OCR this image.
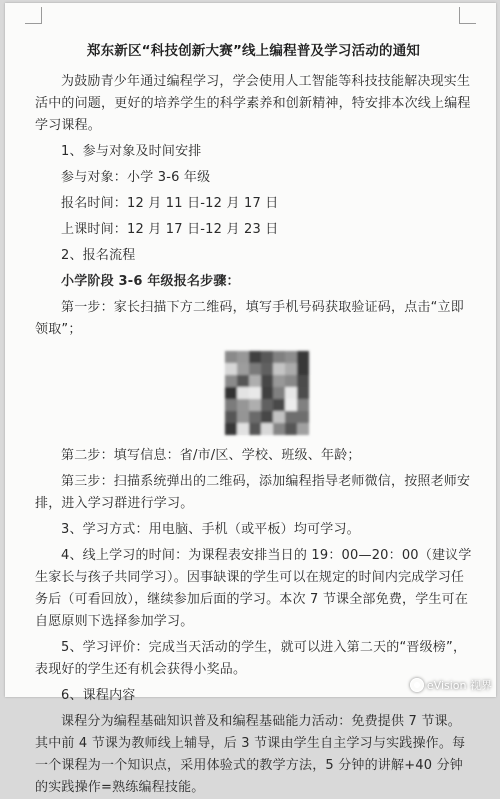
郑东新区“科技创新大赛”线上编程普及学习活动的通知

为鼓励青少年通过编程学习，学会使用人工智能等科技技能解决现实生活中的问题，更好的培养学生的科学素养和创新精神，特安排本次线上编程学习课程。

1、参与对象及时间安排

参与对象：小学 3-6 年级

报名时间：12 月 11 日-12 月 17 日

上课时间：12 月 17 日-12 月 23 日

2、报名流程

小学阶段 3-6 年级报名步骤：

第一步：家长扫描下方二维码，填写手机号码获取验证码，点击“立即领取”；

第二步：填写信息：省/市/区、学校、班级、年龄；

第三步：扫描系统弹出的二维码，添加编程指导老师微信，按照老师安排，进入学习群进行学习。

3、学习方式：用电脑、手机（或平板）均可学习。

4、线上学习的时间：为课程表安排当日的 19：00—20：00（建议学生家长与孩子共同学习）。因事缺课的学生可以在规定的时间内完成学习任务后（可看回放），继续参加后面的学习。本次 7 节课全部免费，学生可在自愿原则下选择参加学习。

5、学习评价：完成当天活动的学生，就可以进入第二天的“晋级榜”，表现好的学生还有机会获得小奖品。

6、课程内容

课程分为编程基础知识普及和编程基础能力活动：免费提供 7 节课。其中前 4 节课为教师线上辅导，后 3 节课由学生自主学习与实践操作。每一个课程为一个知识点，采用体验式的教学方法，5 分钟的讲解+40 分钟的实践操作=熟练编程技能。

eVision 视界
